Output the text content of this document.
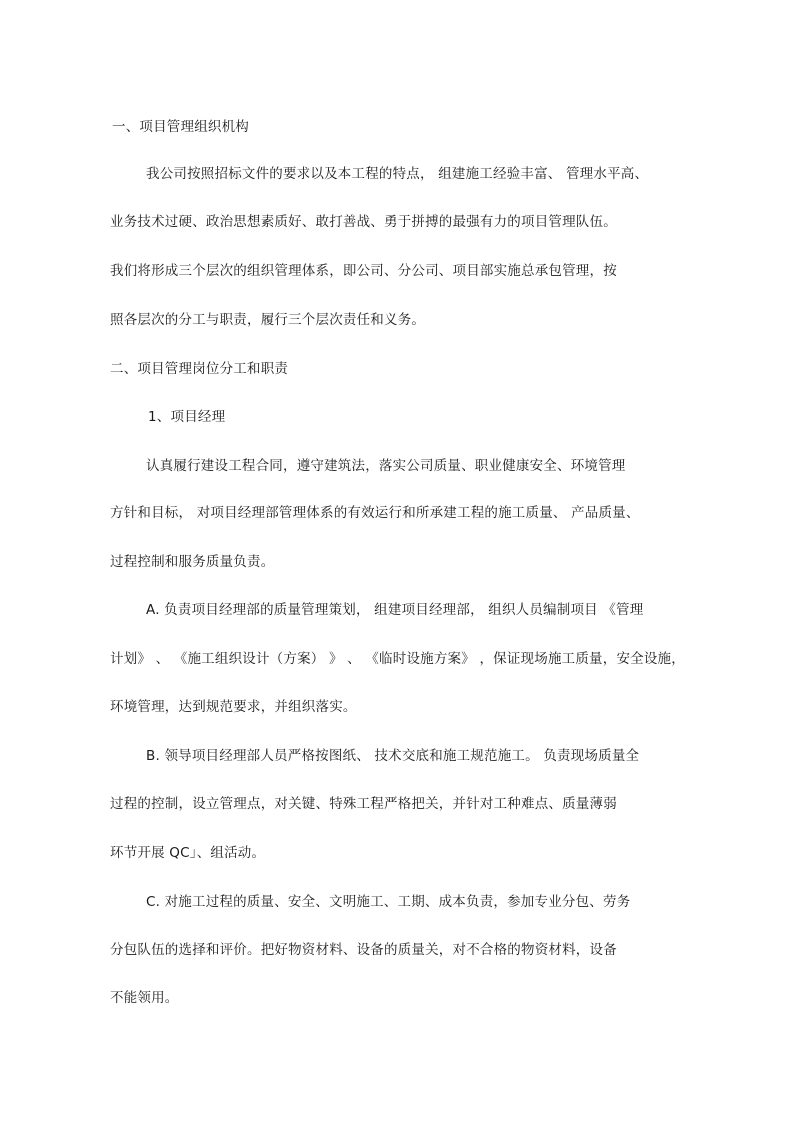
一、项目管理组织机构
我公司按照招标文件的要求以及本工程的特点， 组建施工经验丰富、 管理水平高、
业务技术过硬、政治思想素质好、敢打善战、勇于拼搏的最强有力的项目管理队伍。
我们将形成三个层次的组织管理体系，即公司、分公司、项目部实施总承包管理，按
照各层次的分工与职责，履行三个层次责任和义务。
二、项目管理岗位分工和职责
1、项目经理
认真履行建设工程合同，遵守建筑法，落实公司质量、职业健康安全、环境管理
方针和目标， 对项目经理部管理体系的有效运行和所承建工程的施工质量、 产品质量、
过程控制和服务质量负责。
A. 负责项目经理部的质量管理策划， 组建项目经理部， 组织人员编制项目 《管理
计划》 、 《施工组织设计（方案） 》 、 《临时设施方案》 ，保证现场施工质量，安全设施，
环境管理，达到规范要求，并组织落实。
B. 领导项目经理部人员严格按图纸、 技术交底和施工规范施工。 负责现场质量全
过程的控制，设立管理点，对关键、特殊工程严格把关，并针对工种难点、质量薄弱
环节开展 QC」、组活动。
C. 对施工过程的质量、安全、文明施工、工期、成本负责，参加专业分包、劳务
分包队伍的选择和评价。把好物资材料、设备的质量关，对不合格的物资材料，设备
不能领用。
